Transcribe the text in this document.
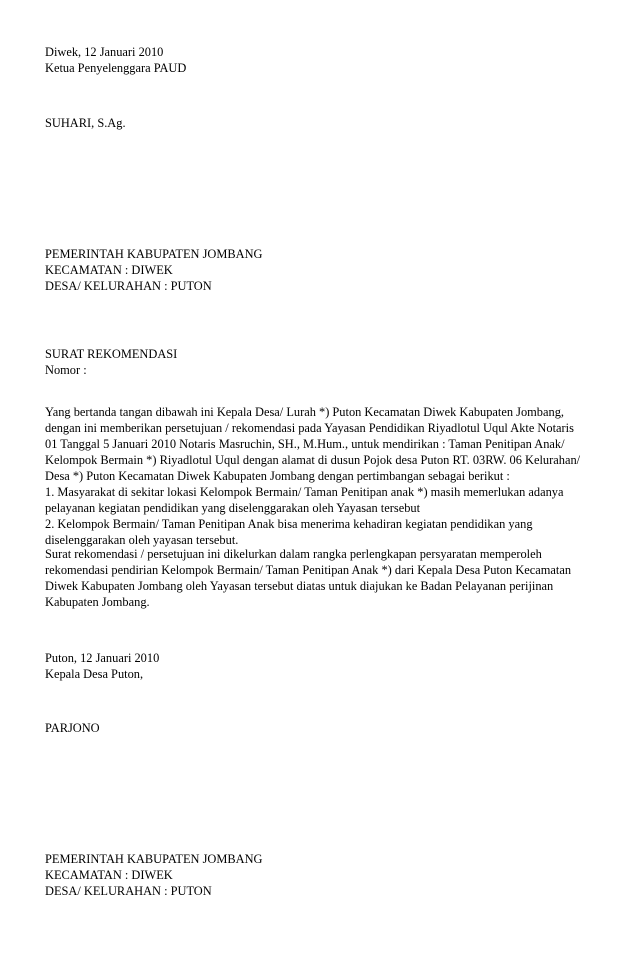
Diwek, 12 Januari 2010
Ketua Penyelenggara PAUD
SUHARI, S.Ag.
PEMERINTAH KABUPATEN JOMBANG
KECAMATAN : DIWEK
DESA/ KELURAHAN : PUTON
SURAT REKOMENDASI
Nomor :
Yang bertanda tangan dibawah ini Kepala Desa/ Lurah *) Puton Kecamatan Diwek Kabupaten Jombang,
dengan ini memberikan persetujuan / rekomendasi pada Yayasan Pendidikan Riyadlotul Uqul Akte Notaris
01 Tanggal 5 Januari 2010 Notaris Masruchin, SH., M.Hum., untuk mendirikan : Taman Penitipan Anak/
Kelompok Bermain *) Riyadlotul Uqul dengan alamat di dusun Pojok desa Puton RT. 03RW. 06 Kelurahan/
Desa *) Puton Kecamatan Diwek Kabupaten Jombang dengan pertimbangan sebagai berikut :
1. Masyarakat di sekitar lokasi Kelompok Bermain/ Taman Penitipan anak *) masih memerlukan adanya
pelayanan kegiatan pendidikan yang diselenggarakan oleh Yayasan tersebut
2. Kelompok Bermain/ Taman Penitipan Anak bisa menerima kehadiran kegiatan pendidikan yang
diselenggarakan oleh yayasan tersebut.
Surat rekomendasi / persetujuan ini dikelurkan dalam rangka perlengkapan persyaratan memperoleh
rekomendasi pendirian Kelompok Bermain/ Taman Penitipan Anak *) dari Kepala Desa Puton Kecamatan
Diwek Kabupaten Jombang oleh Yayasan tersebut diatas untuk diajukan ke Badan Pelayanan perijinan
Kabupaten Jombang.
Puton, 12 Januari 2010
Kepala Desa Puton,
PARJONO
PEMERINTAH KABUPATEN JOMBANG
KECAMATAN : DIWEK
DESA/ KELURAHAN : PUTON
